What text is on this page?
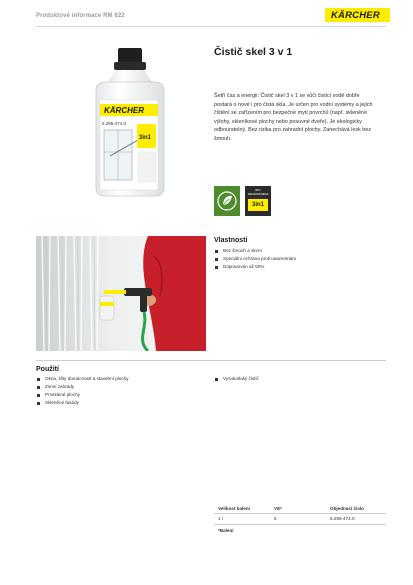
Produktové informace RM 622	KÄRCHER
KÄRCHER
6.295-474.0
3in1
Čistič skel 3 v 1
Šetří čas a energii: Čistič skel 3 v 1 se vůči čisticí vodě dobře postará o nové i pro čistá skla. Je určen pro vodní systémy a jejich čištění se zařízením pro bezpečné mytí povrchů (např. skleněné výlohy, skleníkové plochy nebo posuvné dveře). Je ekologicky odbouratelný. Bez rizika pro zahradní plochy. Zanechává lesk bez šmouh.
BIO DEGRADABLE
3in1
Vlastnosti
Bez šmouh a skvrn
Speciální ochrana proti usazeninám
Dopravován až 50%
Použití
Okna, lišty domácností a stavební plochy
Zimní zahrady
Prosklené plochy
Skleněné fasády
Vysokotlaký čistič
Velikost balení	VE*	Objednací číslo
1 l	6	6.295-474.0
*Balení
